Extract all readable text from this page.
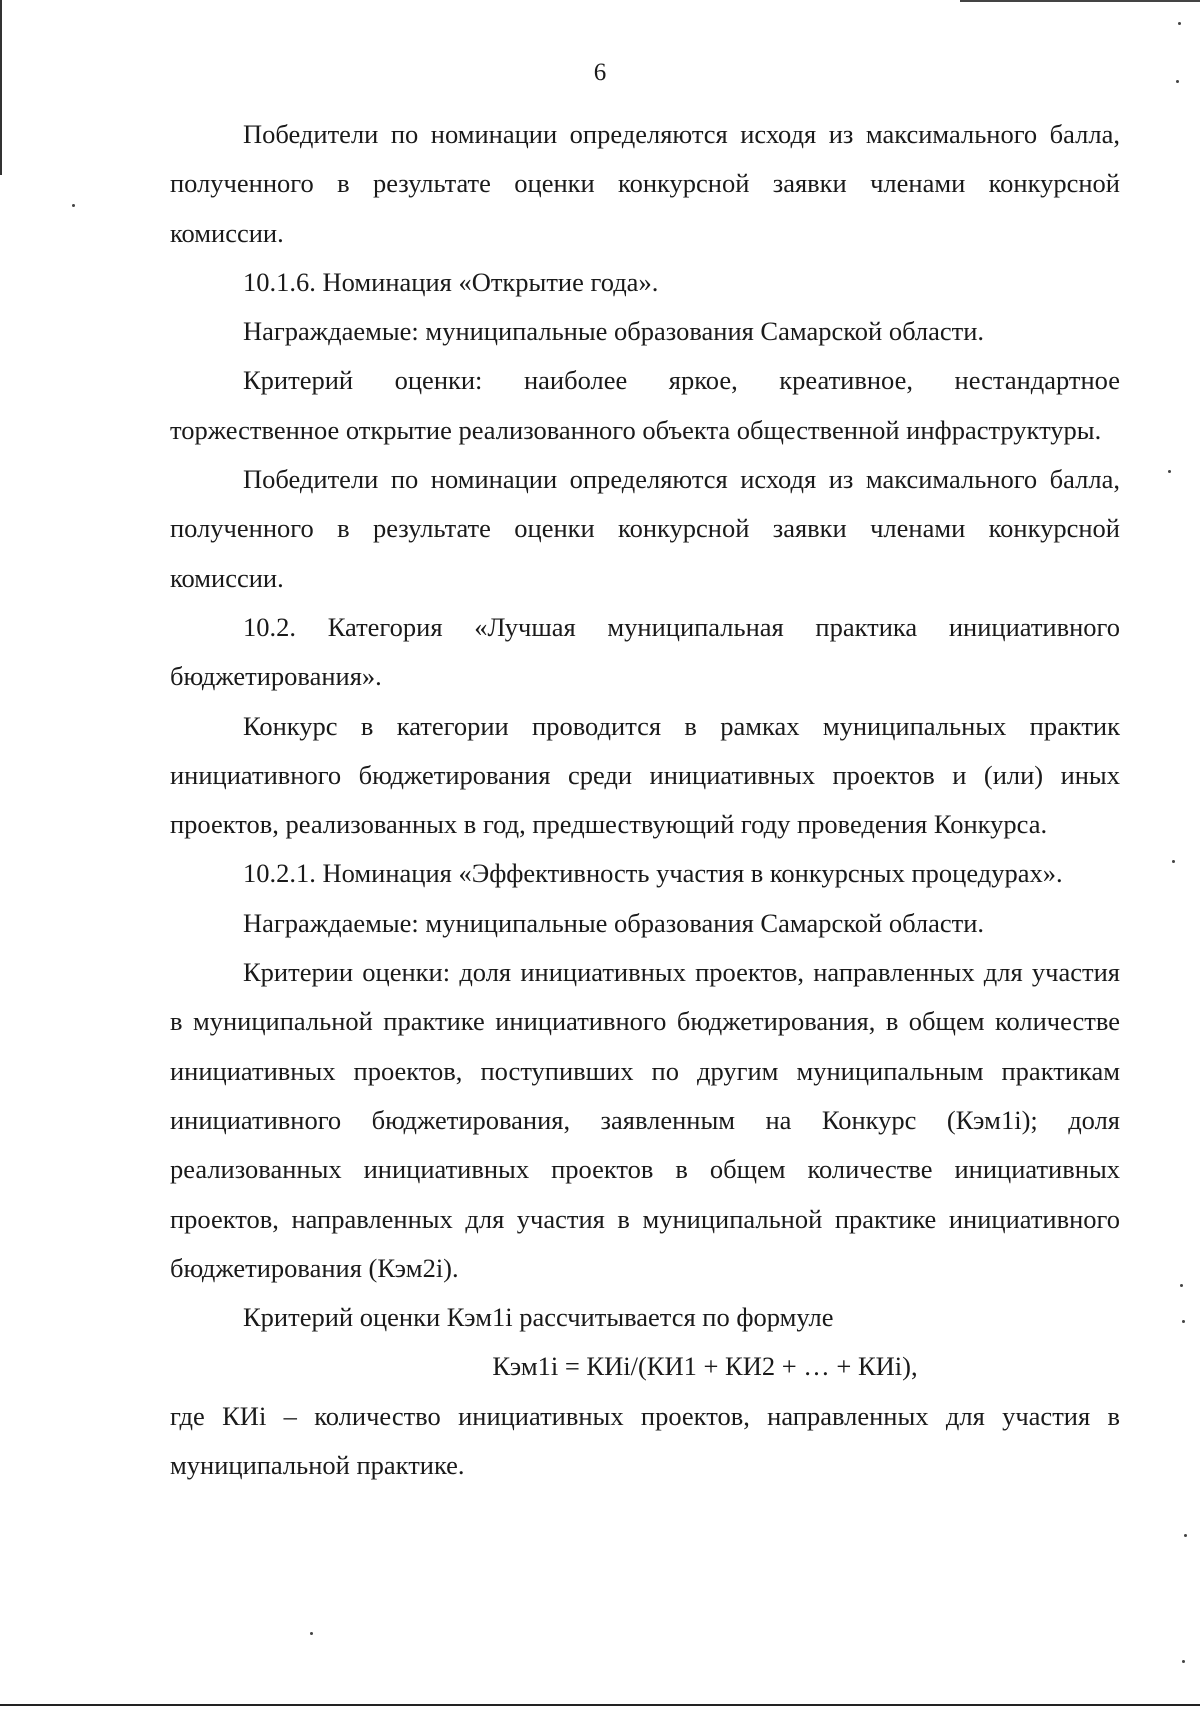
6

Победители по номинации определяются исходя из максимального балла, полученного в результате оценки конкурсной заявки членами конкурсной комиссии.

10.1.6. Номинация «Открытие года».

Награждаемые: муниципальные образования Самарской области.

Критерий оценки: наиболее яркое, креативное, нестандартное торжественное открытие реализованного объекта общественной инфраструктуры.

Победители по номинации определяются исходя из максимального балла, полученного в результате оценки конкурсной заявки членами конкурсной комиссии.

10.2. Категория «Лучшая муниципальная практика инициативного бюджетирования».

Конкурс в категории проводится в рамках муниципальных практик инициативного бюджетирования среди инициативных проектов и (или) иных проектов, реализованных в год, предшествующий году проведения Конкурса.

10.2.1. Номинация «Эффективность участия в конкурсных процедурах».

Награждаемые: муниципальные образования Самарской области.

Критерии оценки: доля инициативных проектов, направленных для участия в муниципальной практике инициативного бюджетирования, в общем количестве инициативных проектов, поступивших по другим муниципальным практикам инициативного бюджетирования, заявленным на Конкурс (Кэм1i); доля реализованных инициативных проектов в общем количестве инициативных проектов, направленных для участия в муниципальной практике инициативного бюджетирования (Кэм2i).

Критерий оценки Кэм1i рассчитывается по формуле

Кэм1i = КИi/(КИ1 + КИ2 + … + КИi),

где КИi – количество инициативных проектов, направленных для участия в муниципальной практике.
